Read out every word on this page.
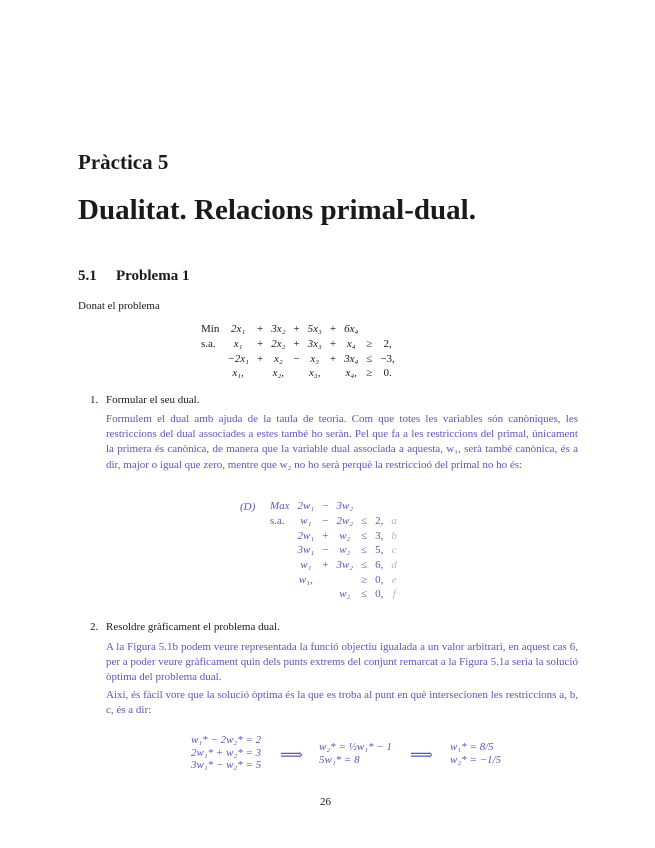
Pràctica 5
Dualitat. Relacions primal-dual.
5.1 Problema 1
Donat el problema
Min	2x₁	+	3x₂	+	5x₃	+	6x₄		
s.a.	x₁	+	2x₂	+	3x₃	+	x₄	≥	2,
	−2x₁	+	x₂	−	x₃	+	3x₄	≤	−3,
	x₁,		x₂,		x₃,		x₄,	≥	0.
1. Formular el seu dual.
Formulem el dual amb ajuda de la taula de teoria. Com que totes les variables són canòniques, les restriccions del dual associades a estes també ho seràn. Pel que fa a les restriccions del primal, únicament la primera és canònica, de manera que la variable dual associada a aquesta, w₁, serà també canònica, és a dir, major o igual que zero, mentre que w₂ no ho serà perquè la restriccioó del primal no ho és:
(D) Max	2w₁	−	3w₂			
s.a.	w₁	−	2w₂	≤	2,	a
	2w₁	+	w₂	≤	3,	b
	3w₁	−	w₂	≤	5,	c
	w₁	+	3w₂	≤	6,	d
	w₁,			≥	0,	e
			w₂	≤	0,	f
2. Resoldre gràficament el problema dual.
A la Figura 5.1b podem veure representada la funció objectiu igualada a un valor arbitrari, en aquest cas 6, per a poder veure gràficament quin dels punts extrems del conjunt remarcat a la Figura 5.1a seria la solució òptima del problema dual.
Així, és fàcil vore que la solució òptima és la que es troba al punt en què intersecionen les restriccions a, b, c, és a dir:
w₁* − 2w₂* = 2
2w₁* + w₂* = 3
3w₁* − w₂* = 5
⟹ w₂* = ½w₁* − 1
5w₁* = 8	⟹ w₁* = 8/5
w₂* = −1/5
26
